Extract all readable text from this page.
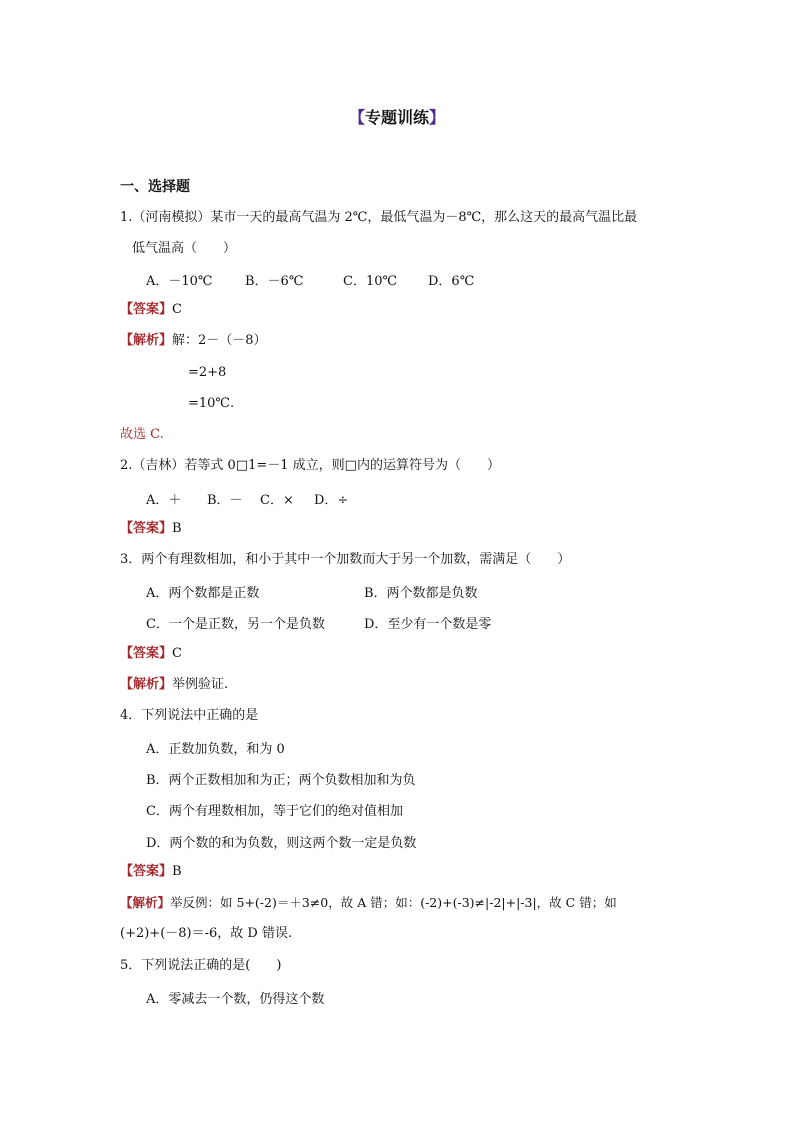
【专题训练】
一、选择题
1.（河南模拟）某市一天的最高气温为 2℃，最低气温为－8℃，那么这天的最高气温比最
低气温高（　　）
A．－10℃	B．－6℃	C．10℃ D．6℃
【答案】C
【解析】解：2－（－8）
=2+8
=10℃.
故选 C.
2.（吉林）若等式 0□1=－1 成立，则□内的运算符号为（　　）
A．＋ B．－ C．× D．÷
【答案】B
3．两个有理数相加，和小于其中一个加数而大于另一个加数，需满足（　　）
A．两个数都是正数	B．两个数都是负数
C．一个是正数，另一个是负数	D．至少有一个数是零
【答案】C
【解析】举例验证.
4．下列说法中正确的是
A．正数加负数，和为 0
B．两个正数相加和为正；两个负数相加和为负
C．两个有理数相加，等于它们的绝对值相加
D．两个数的和为负数，则这两个数一定是负数
【答案】B
【解析】举反例：如 5+(-2)＝＋3≠0，故 A 错；如：(-2)+(-3)≠|-2|+|-3|，故 C 错；如
(+2)+(－8)＝-6，故 D 错误.
5．下列说法正确的是(　　)
A．零减去一个数，仍得这个数
